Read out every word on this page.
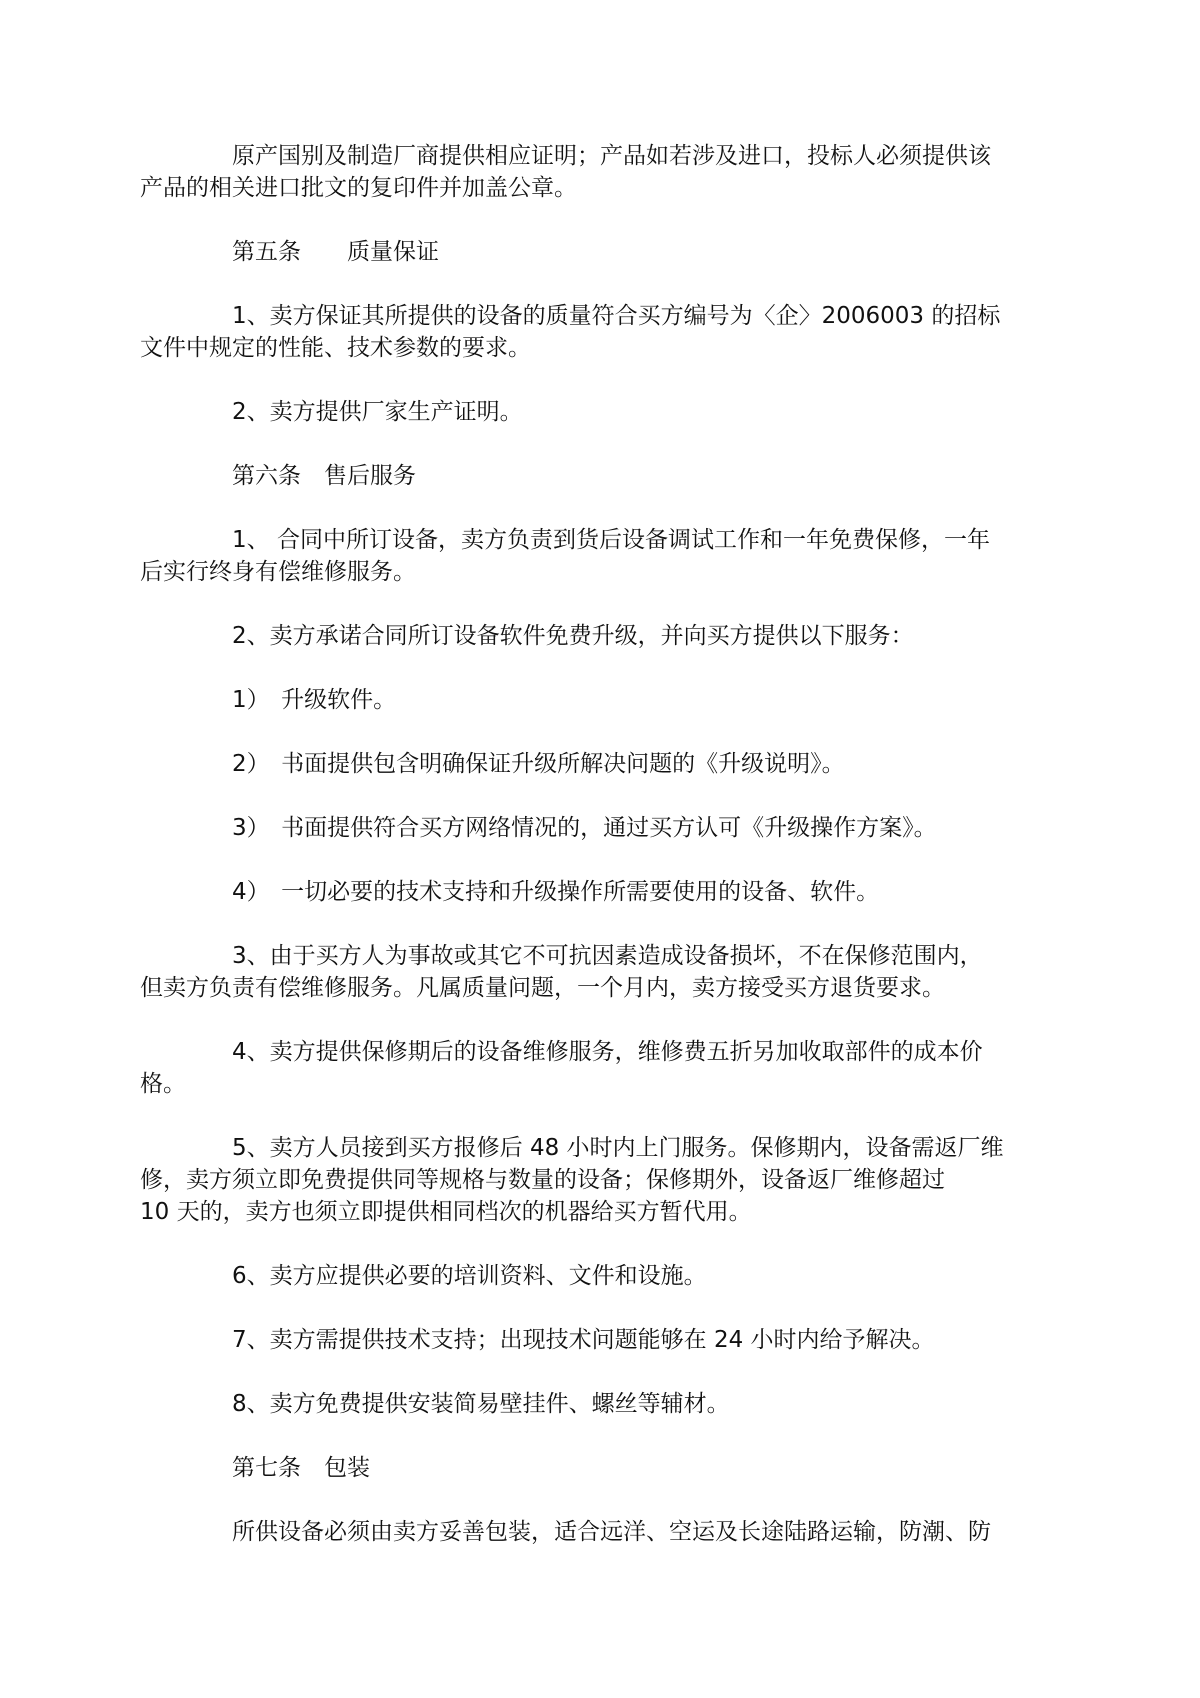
原产国别及制造厂商提供相应证明；产品如若涉及进口，投标人必须提供该
产品的相关进口批文的复印件并加盖公章。

第五条　　质量保证

1、卖方保证其所提供的设备的质量符合买方编号为〈企〉2006003 的招标
文件中规定的性能、技术参数的要求。

2、卖方提供厂家生产证明。

第六条　售后服务

1、 合同中所订设备，卖方负责到货后设备调试工作和一年免费保修，一年
后实行终身有偿维修服务。

2、卖方承诺合同所订设备软件免费升级，并向买方提供以下服务：

1）　升级软件。

2）　书面提供包含明确保证升级所解决问题的《升级说明》。

3）　书面提供符合买方网络情况的，通过买方认可《升级操作方案》。

4）　一切必要的技术支持和升级操作所需要使用的设备、软件。

3、由于买方人为事故或其它不可抗因素造成设备损坏，不在保修范围内，
但卖方负责有偿维修服务。凡属质量问题，一个月内，卖方接受买方退货要求。

4、卖方提供保修期后的设备维修服务，维修费五折另加收取部件的成本价
格。

5、卖方人员接到买方报修后 48 小时内上门服务。保修期内，设备需返厂维
修，卖方须立即免费提供同等规格与数量的设备；保修期外，设备返厂维修超过
10 天的，卖方也须立即提供相同档次的机器给买方暂代用。

6、卖方应提供必要的培训资料、文件和设施。

7、卖方需提供技术支持；出现技术问题能够在 24 小时内给予解决。

8、卖方免费提供安装简易壁挂件、螺丝等辅材。

第七条　包装

所供设备必须由卖方妥善包装，适合远洋、空运及长途陆路运输，防潮、防
